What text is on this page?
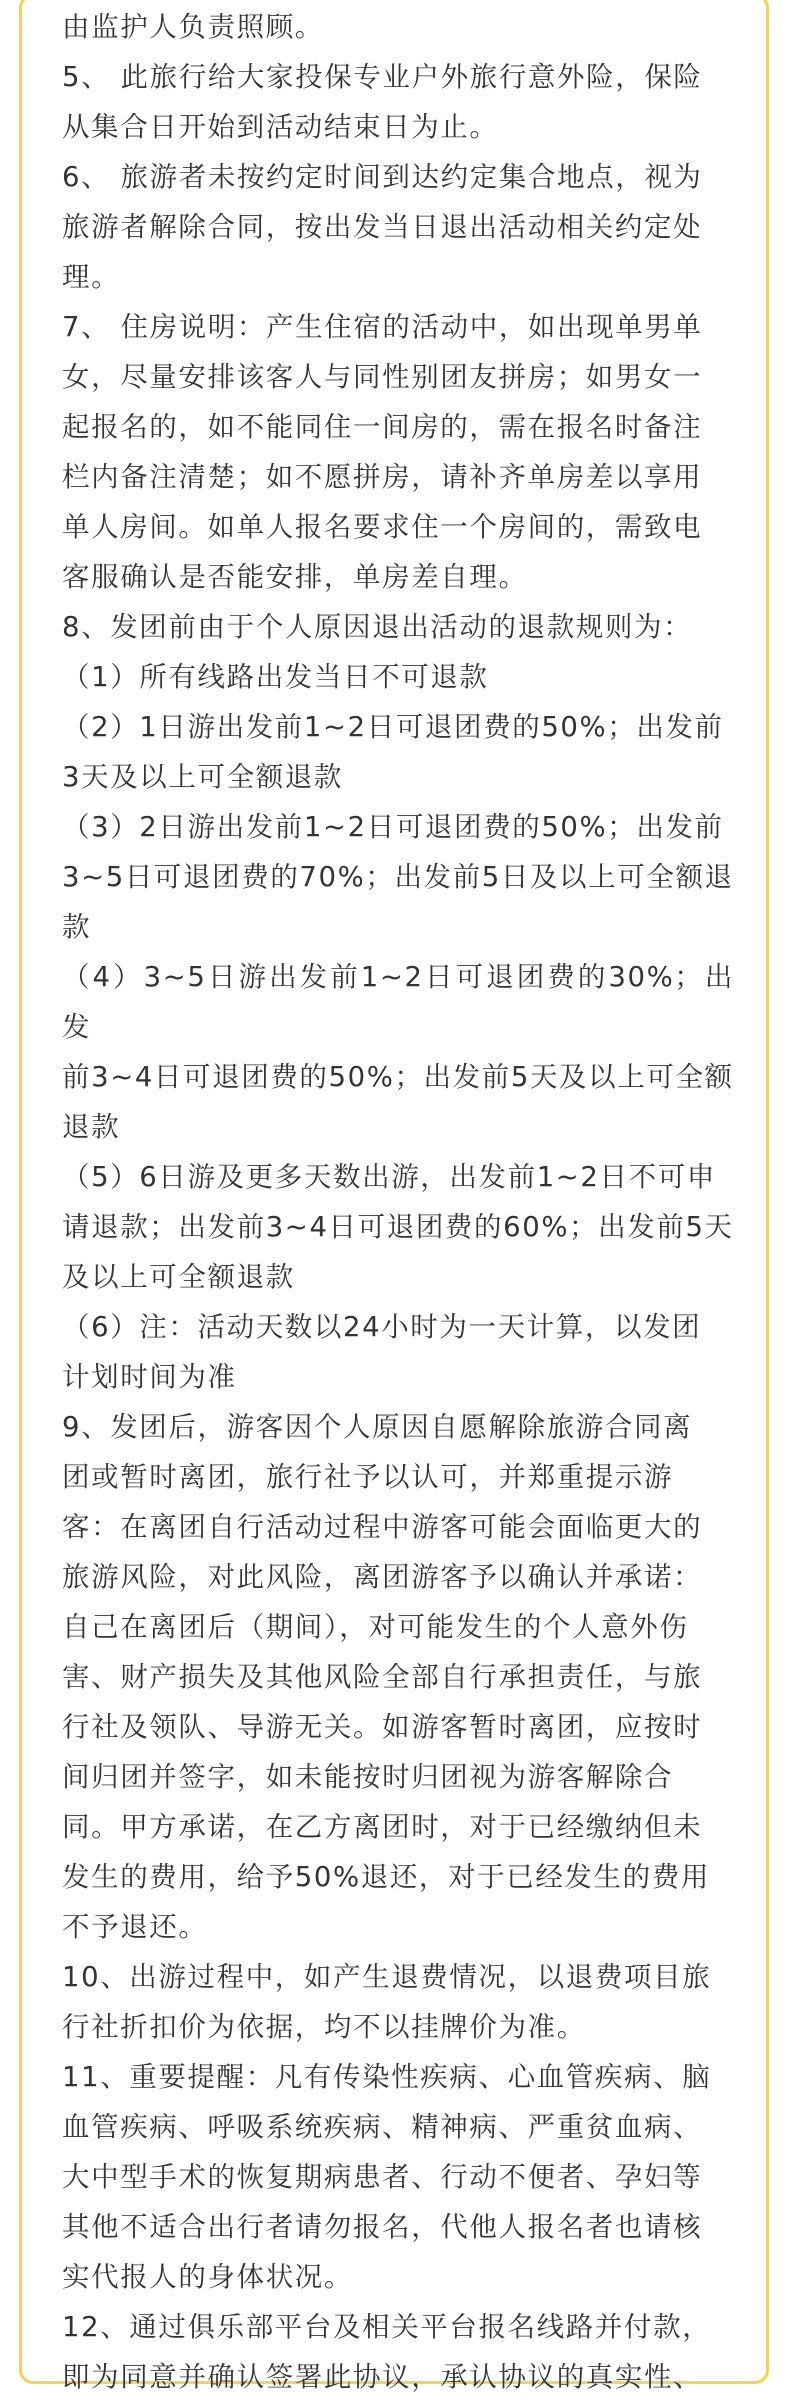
由监护人负责照顾。

5、 此旅行给大家投保专业户外旅行意外险，保险
从集合日开始到活动结束日为止。

6、 旅游者未按约定时间到达约定集合地点，视为
旅游者解除合同，按出发当日退出活动相关约定处
理。

7、 住房说明：产生住宿的活动中，如出现单男单
女，尽量安排该客人与同性别团友拼房；如男女一
起报名的，如不能同住一间房的，需在报名时备注
栏内备注清楚；如不愿拼房，请补齐单房差以享用
单人房间。如单人报名要求住一个房间的，需致电
客服确认是否能安排，单房差自理。

8、发团前由于个人原因退出活动的退款规则为：

（1）所有线路出发当日不可退款

（2）1日游出发前1~2日可退团费的50%；出发前
3天及以上可全额退款

（3）2日游出发前1~2日可退团费的50%；出发前
3~5日可退团费的70%；出发前5日及以上可全额退
款

（4）3~5日游出发前1~2日可退团费的30%；出发
前3~4日可退团费的50%；出发前5天及以上可全额
退款

（5）6日游及更多天数出游，出发前1~2日不可申
请退款；出发前3~4日可退团费的60%；出发前5天
及以上可全额退款

（6）注：活动天数以24小时为一天计算，以发团
计划时间为准

9、发团后，游客因个人原因自愿解除旅游合同离
团或暂时离团，旅行社予以认可，并郑重提示游
客：在离团自行活动过程中游客可能会面临更大的
旅游风险，对此风险，离团游客予以确认并承诺：
自己在离团后（期间），对可能发生的个人意外伤
害、财产损失及其他风险全部自行承担责任，与旅
行社及领队、导游无关。如游客暂时离团，应按时
间归团并签字，如未能按时归团视为游客解除合
同。甲方承诺，在乙方离团时，对于已经缴纳但未
发生的费用，给予50%退还，对于已经发生的费用
不予退还。

10、出游过程中，如产生退费情况，以退费项目旅
行社折扣价为依据，均不以挂牌价为准。

11、重要提醒：凡有传染性疾病、心血管疾病、脑
血管疾病、呼吸系统疾病、精神病、严重贫血病、
大中型手术的恢复期病患者、行动不便者、孕妇等
其他不适合出行者请勿报名，代他人报名者也请核
实代报人的身体状况。

12、通过俱乐部平台及相关平台报名线路并付款，
即为同意并确认签署此协议，承认协议的真实性、
